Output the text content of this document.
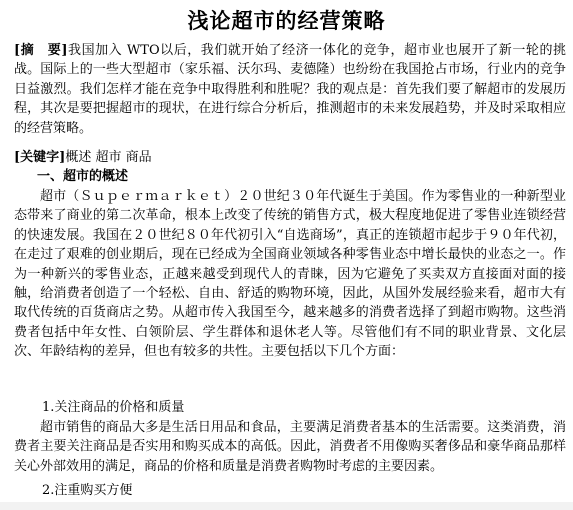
浅论超市的经营策略
[摘　要]我国加入 WTO以后，我们就开始了经济一体化的竞争，超市业也展开了新一轮的挑战。国际上的一些大型超市（家乐福、沃尔玛、麦德隆）也纷纷在我国抢占市场，行业内的竞争日益激烈。我们怎样才能在竞争中取得胜利和胜呢？我的观点是：首先我们要了解超市的发展历程，其次是要把握超市的现状，在进行综合分析后，推测超市的未来发展趋势，并及时采取相应的经营策略。
[关键字]概述 超市 商品
一、超市的概述
超市（Ｓｕｐｅｒｍａｒｋｅｔ）２０世纪３０年代诞生于美国。作为零售业的一种新型业态带来了商业的第二次革命，根本上改变了传统的销售方式，极大程度地促进了零售业连锁经营的快速发展。我国在２０世纪８０年代初引入“自选商场”，真正的连锁超市起步于９０年代初，在走过了艰难的创业期后，现在已经成为全国商业领域各种零售业态中增长最快的业态之一。作为一种新兴的零售业态，正越来越受到现代人的青睐，因为它避免了买卖双方直接面对面的接触，给消费者创造了一个轻松、自由、舒适的购物环境，因此，从国外发展经验来看，超市大有取代传统的百货商店之势。从超市传入我国至今，越来越多的消费者选择了到超市购物。这些消费者包括中年女性、白领阶层、学生群体和退休老人等。尽管他们有不同的职业背景、文化层次、年龄结构的差异，但也有较多的共性。主要包括以下几个方面：
1.关注商品的价格和质量
超市销售的商品大多是生活日用品和食品，主要满足消费者基本的生活需要。这类消费，消费者主要关注商品是否实用和购买成本的高低。因此，消费者不用像购买奢侈品和豪华商品那样关心外部效用的满足，商品的价格和质量是消费者购物时考虑的主要因素。
2.注重购买方便
